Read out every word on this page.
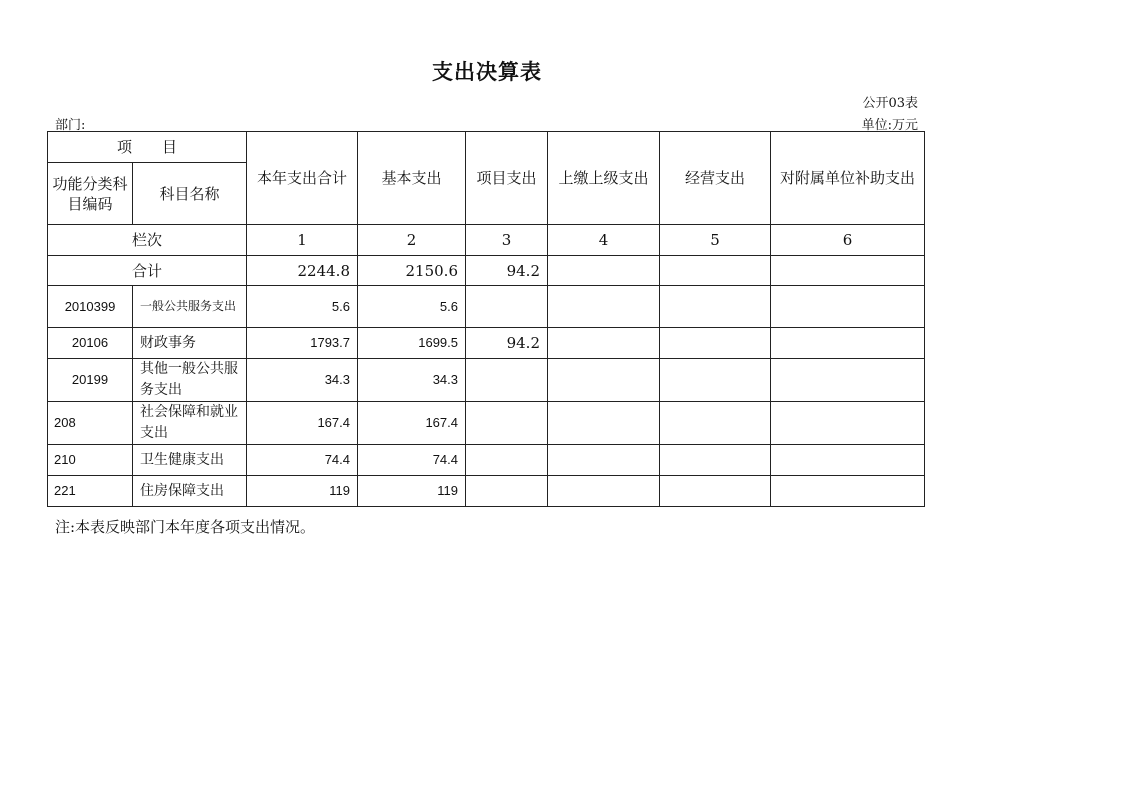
支出决算表
公开03表
部门:	单位:万元
项　　目		本年支出合计	基本支出	项目支出	上缴上级支出	经营支出	对附属单位补助支出
功能分类科目编码	科目名称						
栏次		1	2	3	4	5	6
合计		2244.8	2150.6	94.2			
2010399	一般公共服务支出	5.6	5.6				
20106	财政事务	1793.7	1699.5	94.2			
20199	其他一般公共服务支出	34.3	34.3				
208	社会保障和就业支出	167.4	167.4				
210	卫生健康支出	74.4	74.4				
221	住房保障支出	119	119				
注:本表反映部门本年度各项支出情况。
